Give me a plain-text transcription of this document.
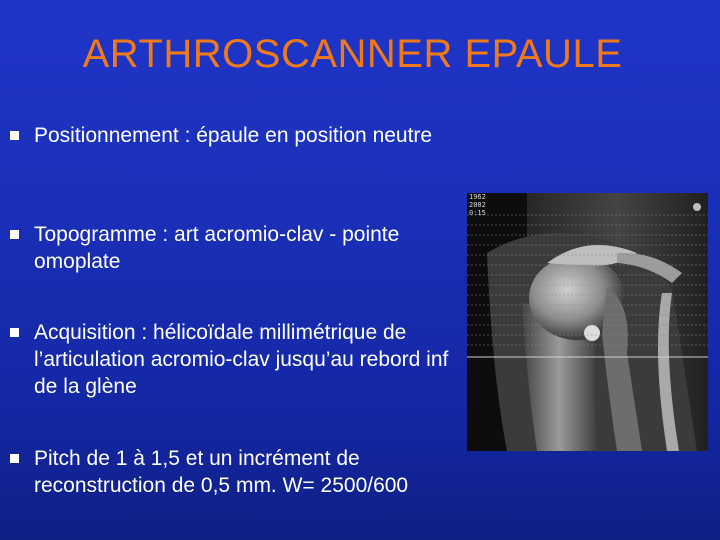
ARTHROSCANNER EPAULE
Positionnement : épaule en position neutre
Topogramme : art acromio-clav - pointe omoplate
Acquisition : hélicoïdale millimétrique de l’articulation acromio-clav jusqu’au rebord inf de la glène
Pitch de 1 à 1,5 et un incrément de reconstruction de 0,5 mm. W= 2500/600
1962
2002
0:15
